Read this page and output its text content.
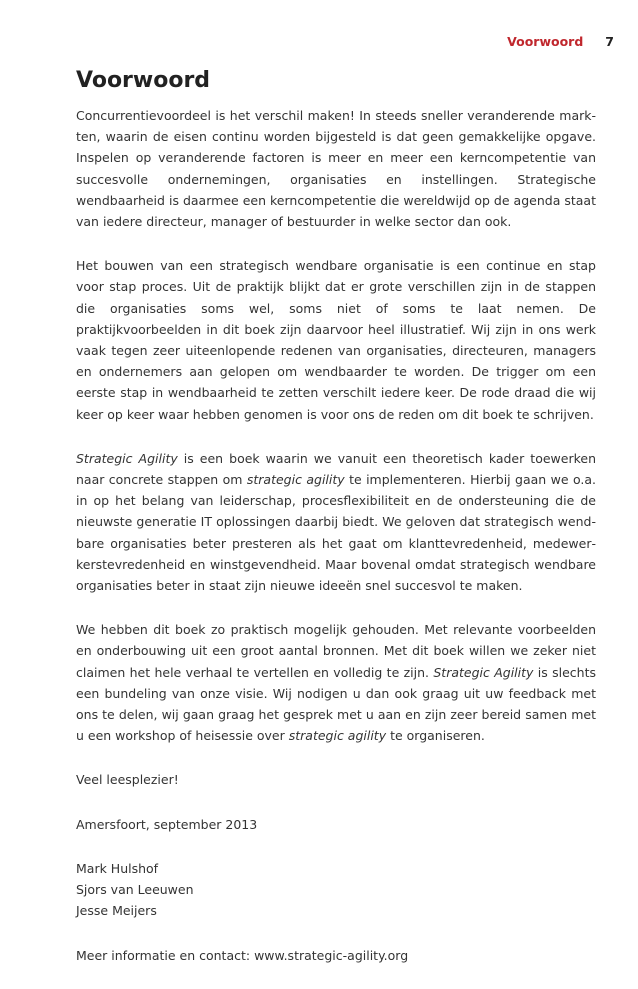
Voorwoord 7
Voorwoord

Concurrentievoordeel is het verschil maken! In steeds sneller veranderende markten, waarin de eisen continu worden bijgesteld is dat geen gemakkelijke opgave. Inspelen op veranderende factoren is meer en meer een kerncompetentie van succesvolle ondernemingen, organisaties en instellingen. Strategische wendbaarheid is daarmee een kerncompetentie die wereldwijd op de agenda staat van iedere directeur, manager of bestuurder in welke sector dan ook.

Het bouwen van een strategisch wendbare organisatie is een continue en stap voor stap proces. Uit de praktijk blijkt dat er grote verschillen zijn in de stappen die organisaties soms wel, soms niet of soms te laat nemen. De praktijkvoorbeelden in dit boek zijn daarvoor heel illustratief. Wij zijn in ons werk vaak tegen zeer uiteenlopende redenen van organisaties, directeuren, managers en ondernemers aan gelopen om wendbaarder te worden. De trigger om een eerste stap in wendbaarheid te zetten verschilt iedere keer. De rode draad die wij keer op keer waar hebben genomen is voor ons de reden om dit boek te schrijven.

Strategic Agility is een boek waarin we vanuit een theoretisch kader toewerken naar concrete stappen om strategic agility te implementeren. Hierbij gaan we o.a. in op het belang van leiderschap, procesflexibiliteit en de ondersteuning die de nieuwste generatie IT oplossingen daarbij biedt. We geloven dat strategisch wendbare organisaties beter presteren als het gaat om klanttevredenheid, medewerkerstevredenheid en winstgevendheid. Maar bovenal omdat strategisch wendbare organisaties beter in staat zijn nieuwe ideeën snel succesvol te maken.

We hebben dit boek zo praktisch mogelijk gehouden. Met relevante voorbeelden en onderbouwing uit een groot aantal bronnen. Met dit boek willen we zeker niet claimen het hele verhaal te vertellen en volledig te zijn. Strategic Agility is slechts een bundeling van onze visie. Wij nodigen u dan ook graag uit uw feedback met ons te delen, wij gaan graag het gesprek met u aan en zijn zeer bereid samen met u een workshop of heisessie over strategic agility te organiseren.

Veel leesplezier!

Amersfoort, september 2013

Mark Hulshof
Sjors van Leeuwen
Jesse Meijers

Meer informatie en contact: www.strategic-agility.org
